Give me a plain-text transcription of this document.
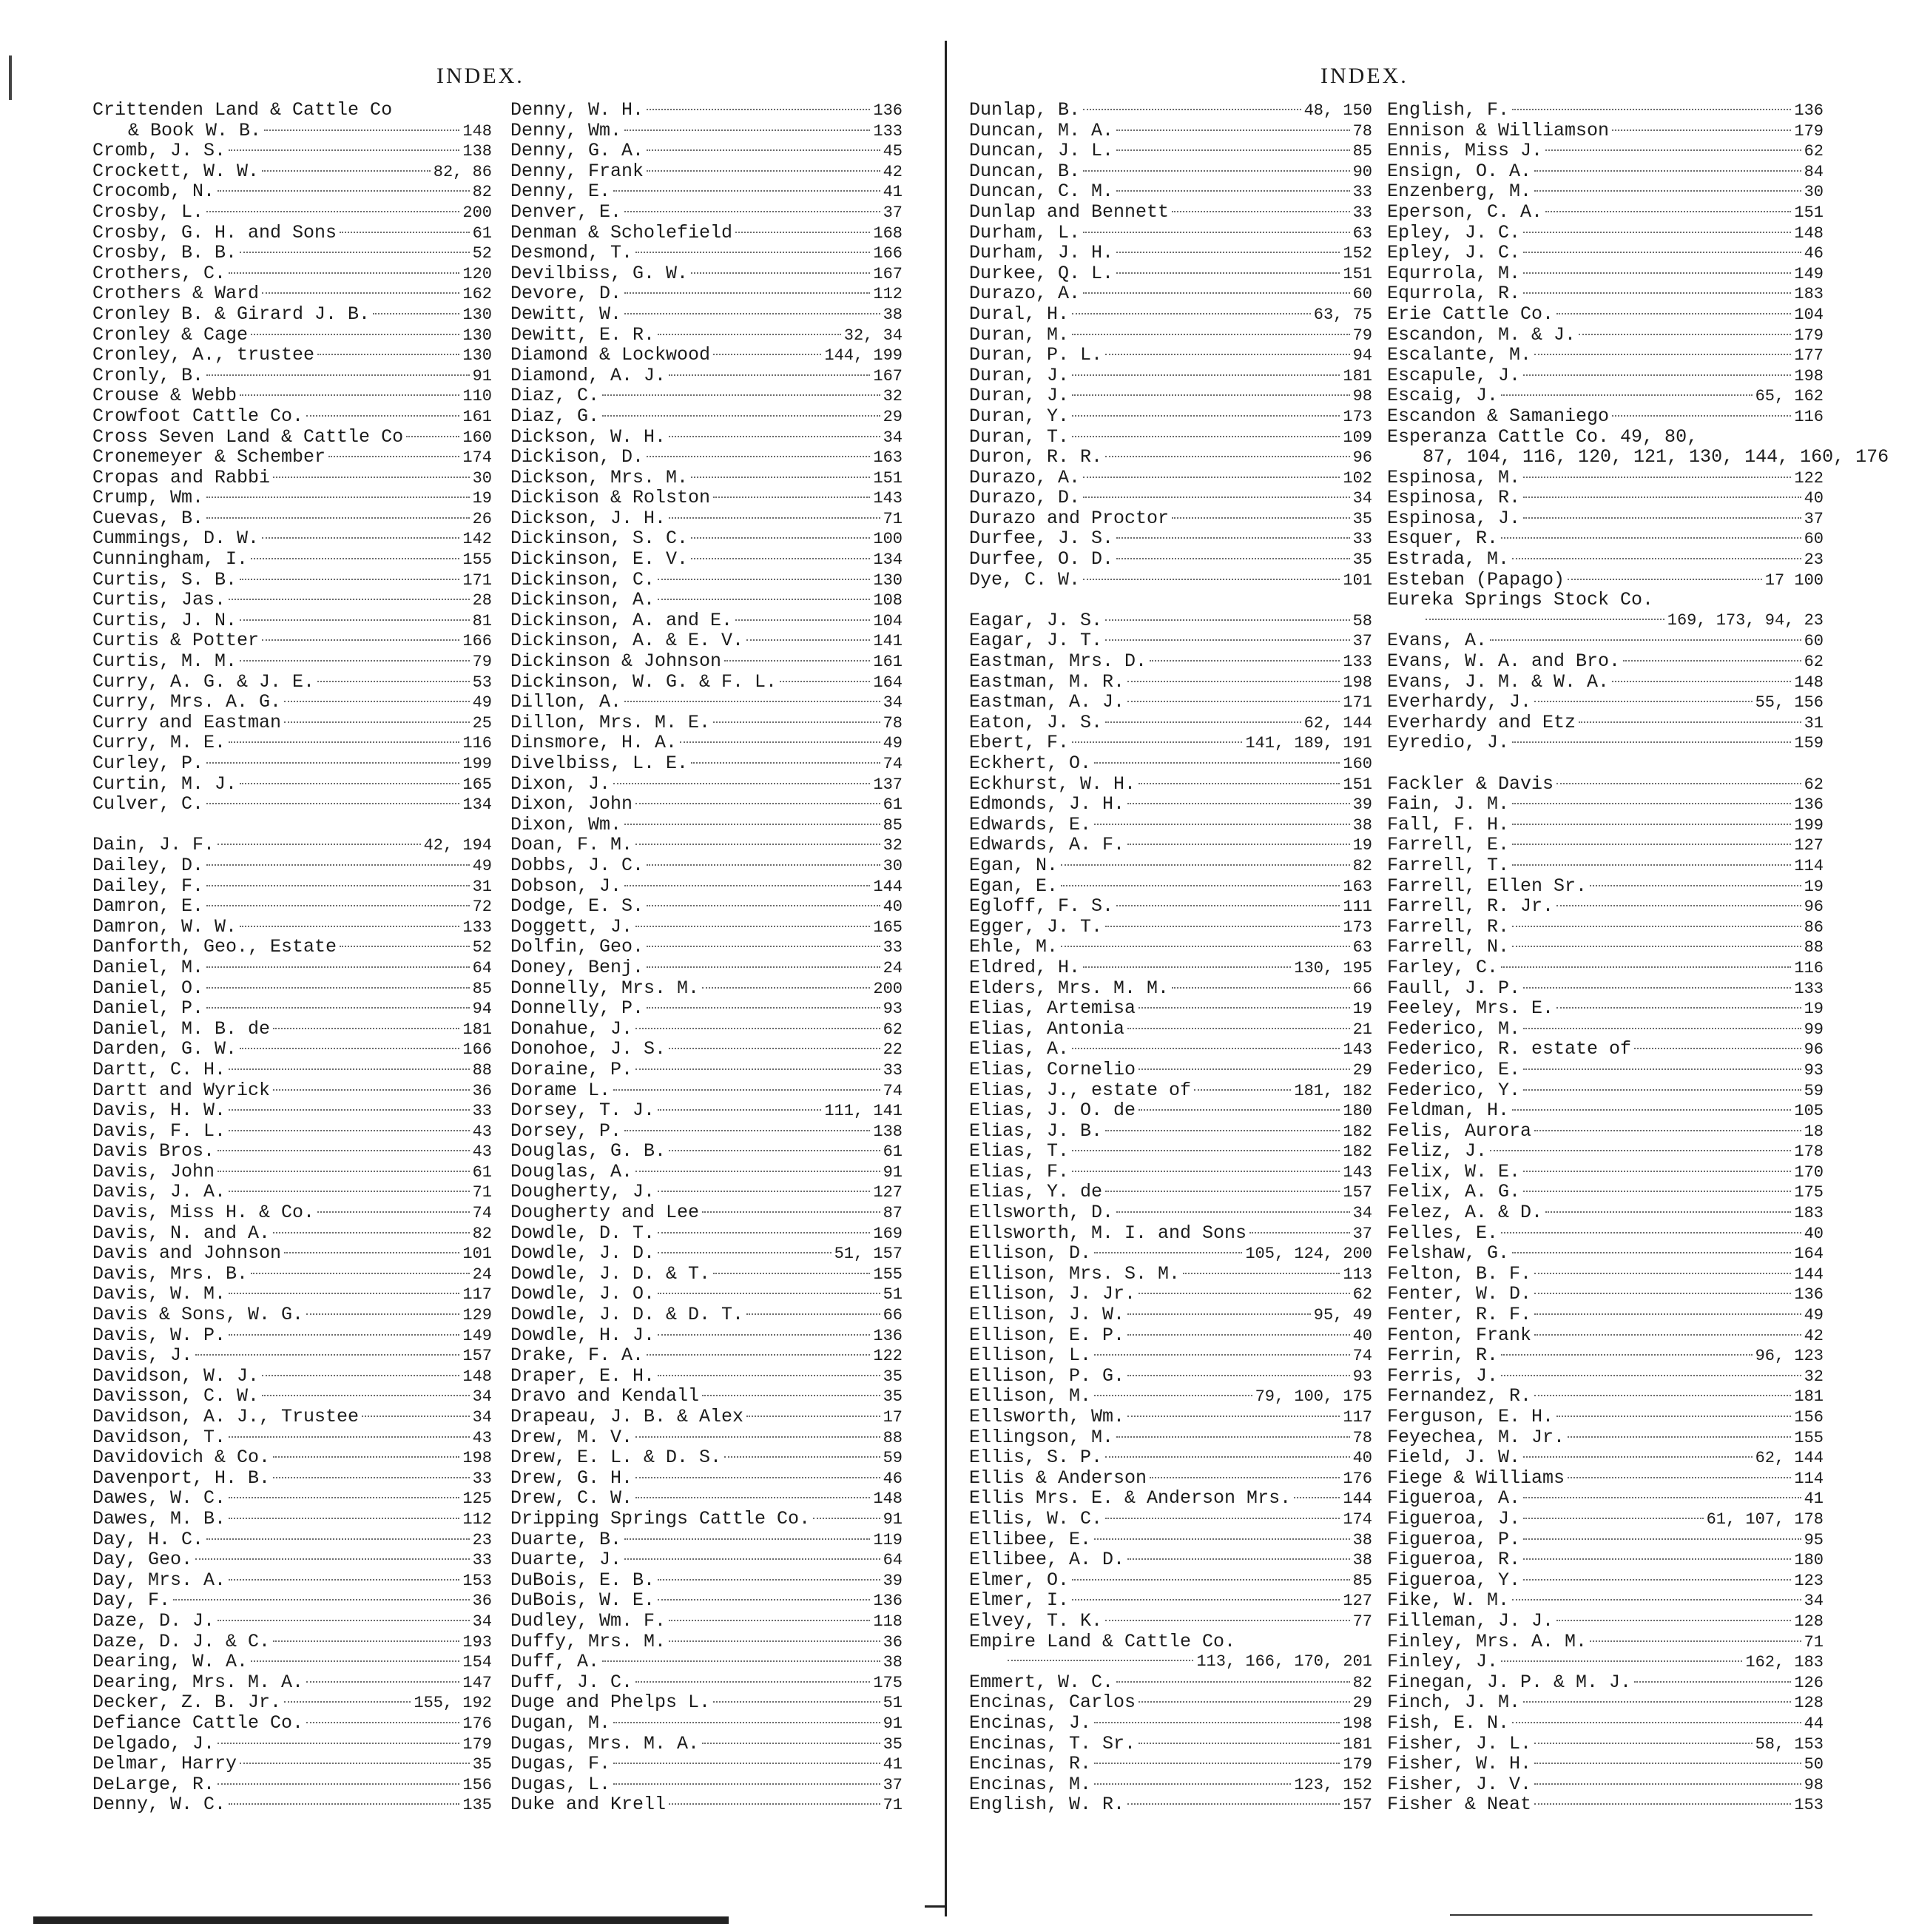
INDEX.
Crittenden Land & Cattle Co
& Book W. B.	148
Cromb, J. S.	138
Crockett, W. W.	82, 86
Crocomb, N.	82
Crosby, L.	200
Crosby, G. H. and Sons	61
Crosby, B. B.	52
Crothers, C.	120
Crothers & Ward	162
Cronley B. & Girard J. B.	130
Cronley & Cage	130
Cronley, A., trustee	130
Cronly, B.	91
Crouse & Webb	110
Crowfoot Cattle Co.	161
Cross Seven Land & Cattle Co	160
Cronemeyer & Schember	174
Cropas and Rabbi	30
Crump, Wm.	19
Cuevas, B.	26
Cummings, D. W.	142
Cunningham, I.	155
Curtis, S. B.	171
Curtis, Jas.	28
Curtis, J. N.	81
Curtis & Potter	166
Curtis, M. M.	79
Curry, A. G. & J. E.	53
Curry, Mrs. A. G.	49
Curry and Eastman	25
Curry, M. E.	116
Curley, P.	199
Curtin, M. J.	165
Culver, C.	134
Dain, J. F.	42, 194
Dailey, D.	49
Dailey, F.	31
Damron, E.	72
Damron, W. W.	133
Danforth, Geo., Estate	52
Daniel, M.	64
Daniel, O.	85
Daniel, P.	94
Daniel, M. B. de	181
Darden, G. W.	166
Dartt, C. H.	88
Dartt and Wyrick	36
Davis, H. W.	33
Davis, F. L.	43
Davis Bros.	43
Davis, John	61
Davis, J. A.	71
Davis, Miss H. & Co.	74
Davis, N. and A.	82
Davis and Johnson	101
Davis, Mrs. B.	24
Davis, W. M.	117
Davis & Sons, W. G.	129
Davis, W. P.	149
Davis, J.	157
Davidson, W. J.	148
Davisson, C. W.	34
Davidson, A. J., Trustee	34
Davidson, T.	43
Davidovich & Co.	198
Davenport, H. B.	33
Dawes, W. C.	125
Dawes, M. B.	112
Day, H. C.	23
Day, Geo.	33
Day, Mrs. A.	153
Day, F.	36
Daze, D. J.	34
Daze, D. J. & C.	193
Dearing, W. A.	154
Dearing, Mrs. M. A.	147
Decker, Z. B. Jr.	155, 192
Defiance Cattle Co.	176
Delgado, J.	179
Delmar, Harry	35
DeLarge, R.	156
Denny, W. C.	135
Denny, W. H.	136
Denny, Wm.	133
Denny, G. A.	45
Denny, Frank	42
Denny, E.	41
Denver, E.	37
Denman & Scholefield	168
Desmond, T.	166
Devilbiss, G. W.	167
Devore, D.	112
Dewitt, W.	38
Dewitt, E. R.	32, 34
Diamond & Lockwood	144, 199
Diamond, A. J.	167
Diaz, C.	32
Diaz, G.	29
Dickson, W. H.	34
Dickison, D.	163
Dickson, Mrs. M.	151
Dickison & Rolston	143
Dickson, J. H.	71
Dickinson, S. C.	100
Dickinson, E. V.	134
Dickinson, C.	130
Dickinson, A.	108
Dickinson, A. and E.	104
Dickinson, A. & E. V.	141
Dickinson & Johnson	161
Dickinson, W. G. & F. L.	164
Dillon, A.	34
Dillon, Mrs. M. E.	78
Dinsmore, H. A.	49
Divelbiss, L. E.	74
Dixon, J.	137
Dixon, John	61
Dixon, Wm.	85
Doan, F. M.	32
Dobbs, J. C.	30
Dobson, J.	144
Dodge, E. S.	40
Doggett, J.	165
Dolfin, Geo.	33
Doney, Benj.	24
Donnelly, Mrs. M.	200
Donnelly, P.	93
Donahue, J.	62
Donohoe, J. S.	22
Doraine, P.	33
Dorame L.	74
Dorsey, T. J.	111, 141
Dorsey, P.	138
Douglas, G. B.	61
Douglas, A.	91
Dougherty, J.	127
Dougherty and Lee	87
Dowdle, D. T.	169
Dowdle, J. D.	51, 157
Dowdle, J. D. & T.	155
Dowdle, J. O.	51
Dowdle, J. D. & D. T.	66
Dowdle, H. J.	136
Drake, F. A.	122
Draper, E. H.	35
Dravo and Kendall	35
Drapeau, J. B. & Alex	17
Drew, M. V.	88
Drew, E. L. & D. S.	59
Drew, G. H.	46
Drew, C. W.	148
Dripping Springs Cattle Co.	91
Duarte, B.	119
Duarte, J.	64
DuBois, E. B.	39
DuBois, W. E.	136
Dudley, Wm. F.	118
Duffy, Mrs. M.	36
Duff, A.	38
Duff, J. C.	175
Duge and Phelps L.	51
Dugan, M.	91
Dugas, Mrs. M. A.	35
Dugas, F.	41
Dugas, L.	37
Duke and Krell	71
INDEX.
Dunlap, B.	48, 150
Duncan, M. A.	78
Duncan, J. L.	85
Duncan, B.	90
Duncan, C. M.	33
Dunlap and Bennett	33
Durham, L.	63
Durham, J. H.	152
Durkee, Q. L.	151
Durazo, A.	60
Dural, H.	63, 75
Duran, M.	79
Duran, P. L.	94
Duran, J.	181
Duran, J.	98
Duran, Y.	173
Duran, T.	109
Duron, R. R.	96
Durazo, A.	102
Durazo, D.	34
Durazo and Proctor	35
Durfee, J. S.	33
Durfee, O. D.	35
Dye, C. W.	101
Eagar, J. S.	58
Eagar, J. T.	37
Eastman, Mrs. D.	133
Eastman, M. R.	198
Eastman, A. J.	171
Eaton, J. S.	62, 144
Ebert, F.	141, 189, 191
Eckhert, O.	160
Eckhurst, W. H.	151
Edmonds, J. H.	39
Edwards, E.	38
Edwards, A. F.	19
Egan, N.	82
Egan, E.	163
Egloff, F. S.	111
Egger, J. T.	173
Ehle, M.	63
Eldred, H.	130, 195
Elders, Mrs. M. M.	66
Elias, Artemisa	19
Elias, Antonia	21
Elias, A.	143
Elias, Cornelio	29
Elias, J., estate of	181, 182
Elias, J. O. de	180
Elias, J. B.	182
Elias, T.	182
Elias, F.	143
Elias, Y. de	157
Ellsworth, D.	34
Ellsworth, M. I. and Sons	37
Ellison, D.	105, 124, 200
Ellison, Mrs. S. M.	113
Ellison, J. Jr.	62
Ellison, J. W.	95, 49
Ellison, E. P.	40
Ellison, L.	74
Ellison, P. G.	93
Ellison, M.	79, 100, 175
Ellsworth, Wm.	117
Ellingson, M.	78
Ellis, S. P.	40
Ellis & Anderson	176
Ellis Mrs. E. & Anderson Mrs.	144
Ellis, W. C.	174
Ellibee, E.	38
Ellibee, A. D.	38
Elmer, O.	85
Elmer, I.	127
Elvey, T. K.	77
Empire Land & Cattle Co.
113, 166, 170, 201
Emmert, W. C.	82
Encinas, Carlos	29
Encinas, J.	198
Encinas, T. Sr.	181
Encinas, R.	179
Encinas, M.	123, 152
English, W. R.	157
English, F.	136
Ennison & Williamson	179
Ennis, Miss J.	62
Ensign, O. A.	84
Enzenberg, M.	30
Eperson, C. A.	151
Epley, J. C.	148
Epley, J. C.	46
Equrrola, M.	149
Equrrola, R.	183
Erie Cattle Co.	104
Escandon, M. & J.	179
Escalante, M.	177
Escapule, J.	198
Escaig, J.	65, 162
Escandon & Samaniego	116
Esperanza Cattle Co. 49, 80,
87, 104, 116, 120, 121, 130, 144, 160, 176
Espinosa, M.	122
Espinosa, R.	40
Espinosa, J.	37
Esquer, R.	60
Estrada, M.	23
Esteban (Papago)	17 100
Eureka Springs Stock Co.
169, 173, 94, 23
Evans, A.	60
Evans, W. A. and Bro.	62
Evans, J. M. & W. A.	148
Everhardy, J.	55, 156
Everhardy and Etz	31
Eyredio, J.	159
Fackler & Davis	62
Fain, J. M.	136
Fall, F. H.	199
Farrell, E.	127
Farrell, T.	114
Farrell, Ellen Sr.	19
Farrell, R. Jr.	96
Farrell, R.	86
Farrell, N.	88
Farley, C.	116
Faull, J. P.	133
Feeley, Mrs. E.	19
Federico, M.	99
Federico, R. estate of	96
Federico, E.	93
Federico, Y.	59
Feldman, H.	105
Felis, Aurora	18
Feliz, J.	178
Felix, W. E.	170
Felix, A. G.	175
Felez, A. & D.	183
Felles, E.	40
Felshaw, G.	164
Felton, B. F.	144
Fenter, W. D.	136
Fenter, R. F.	49
Fenton, Frank	42
Ferrin, R.	96, 123
Ferris, J.	32
Fernandez, R.	181
Ferguson, E. H.	156
Feyechea, M. Jr.	155
Field, J. W.	62, 144
Fiege & Williams	114
Figueroa, A.	41
Figueroa, J.	61, 107, 178
Figueroa, P.	95
Figueroa, R.	180
Figueroa, Y.	123
Fike, W. M.	34
Filleman, J. J.	128
Finley, Mrs. A. M.	71
Finley, J.	162, 183
Finegan, J. P. & M. J.	126
Finch, J. M.	128
Fish, E. N.	44
Fisher, J. L.	58, 153
Fisher, W. H.	50
Fisher, J. V.	98
Fisher & Neat	153
